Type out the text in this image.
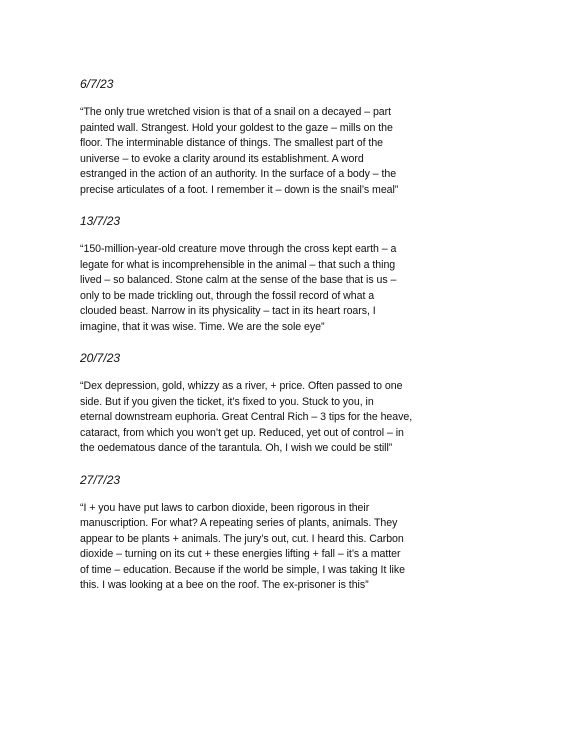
6/7/23

“The only true wretched vision is that of a snail on a decayed – part
painted wall. Strangest. Hold your goldest to the gaze – mills on the
floor. The interminable distance of things. The smallest part of the
universe – to evoke a clarity around its establishment. A word
estranged in the action of an authority. In the surface of a body – the
precise articulates of a foot. I remember it – down is the snail’s meal”

13/7/23

“150-million-year-old creature move through the cross kept earth – a
legate for what is incomprehensible in the animal – that such a thing
lived – so balanced. Stone calm at the sense of the base that is us –
only to be made trickling out, through the fossil record of what a
clouded beast. Narrow in its physicality – tact in its heart roars, I
imagine, that it was wise. Time. We are the sole eye”

20/7/23

“Dex depression, gold, whizzy as a river, + price. Often passed to one
side. But if you given the ticket, it’s fixed to you. Stuck to you, in
eternal downstream euphoria. Great Central Rich – 3 tips for the heave,
cataract, from which you won’t get up. Reduced, yet out of control – in
the oedematous dance of the tarantula. Oh, I wish we could be still”

27/7/23

“I + you have put laws to carbon dioxide, been rigorous in their
manuscription. For what? A repeating series of plants, animals. They
appear to be plants + animals. The jury’s out, cut. I heard this. Carbon
dioxide – turning on its cut + these energies lifting + fall – it’s a matter
of time – education. Because if the world be simple, I was taking It like
this. I was looking at a bee on the roof. The ex-prisoner is this”
